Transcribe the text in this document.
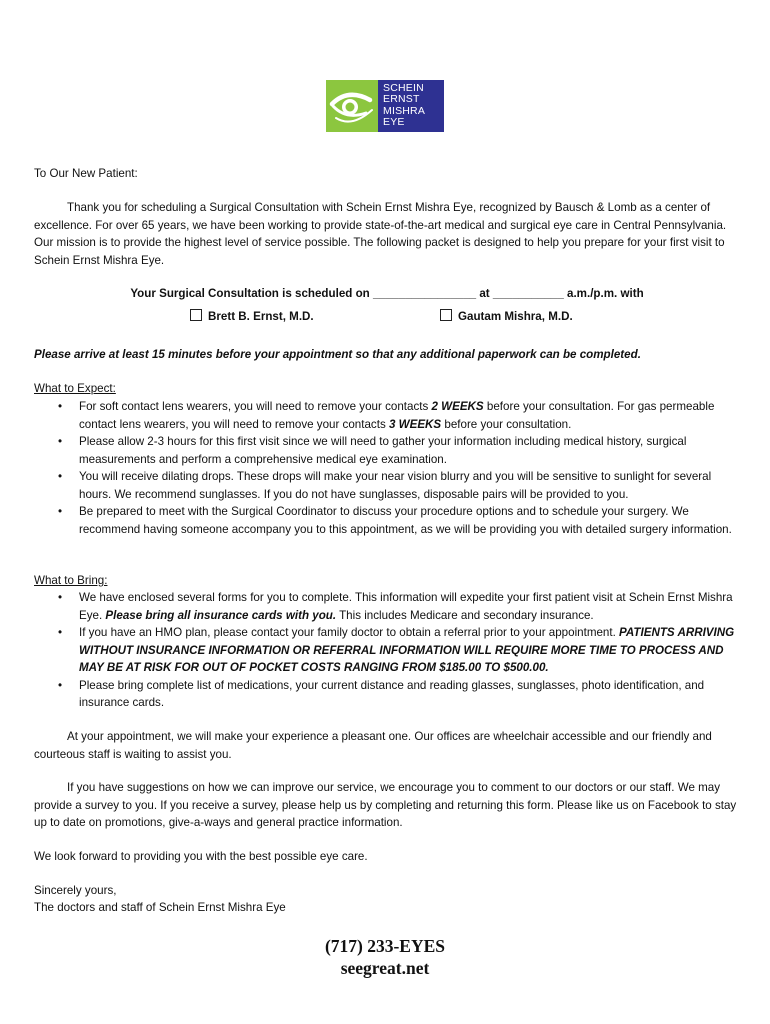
SCHEIN
ERNST
MISHRA
EYE

To Our New Patient:

Thank you for scheduling a Surgical Consultation with Schein Ernst Mishra Eye, recognized by Bausch & Lomb as a center of excellence. For over 65 years, we have been working to provide state-of-the-art medical and surgical eye care in Central Pennsylvania. Our mission is to provide the highest level of service possible. The following packet is designed to help you prepare for your first visit to Schein Ernst Mishra Eye.

Your Surgical Consultation is scheduled on ________________ at ___________ a.m./p.m. with

Brett B. Ernst, M.D.	Gautam Mishra, M.D.

Please arrive at least 15 minutes before your appointment so that any additional paperwork can be completed.

What to Expect:

• For soft contact lens wearers, you will need to remove your contacts 2 WEEKS before your consultation. For gas permeable contact lens wearers, you will need to remove your contacts 3 WEEKS before your consultation.
• Please allow 2-3 hours for this first visit since we will need to gather your information including medical history, surgical measurements and perform a comprehensive medical eye examination.
• You will receive dilating drops. These drops will make your near vision blurry and you will be sensitive to sunlight for several hours. We recommend sunglasses. If you do not have sunglasses, disposable pairs will be provided to you.
• Be prepared to meet with the Surgical Coordinator to discuss your procedure options and to schedule your surgery. We recommend having someone accompany you to this appointment, as we will be providing you with detailed surgery information.

What to Bring:

• We have enclosed several forms for you to complete. This information will expedite your first patient visit at Schein Ernst Mishra Eye. Please bring all insurance cards with you. This includes Medicare and secondary insurance.
• If you have an HMO plan, please contact your family doctor to obtain a referral prior to your appointment. PATIENTS ARRIVING WITHOUT INSURANCE INFORMATION OR REFERRAL INFORMATION WILL REQUIRE MORE TIME TO PROCESS AND MAY BE AT RISK FOR OUT OF POCKET COSTS RANGING FROM $185.00 TO $500.00.
• Please bring complete list of medications, your current distance and reading glasses, sunglasses, photo identification, and insurance cards.

At your appointment, we will make your experience a pleasant one. Our offices are wheelchair accessible and our friendly and courteous staff is waiting to assist you.

If you have suggestions on how we can improve our service, we encourage you to comment to our doctors or our staff. We may provide a survey to you. If you receive a survey, please help us by completing and returning this form. Please like us on Facebook to stay up to date on promotions, give-a-ways and general practice information.

We look forward to providing you with the best possible eye care.

Sincerely yours,

The doctors and staff of Schein Ernst Mishra Eye

(717) 233-EYES
seegreat.net
